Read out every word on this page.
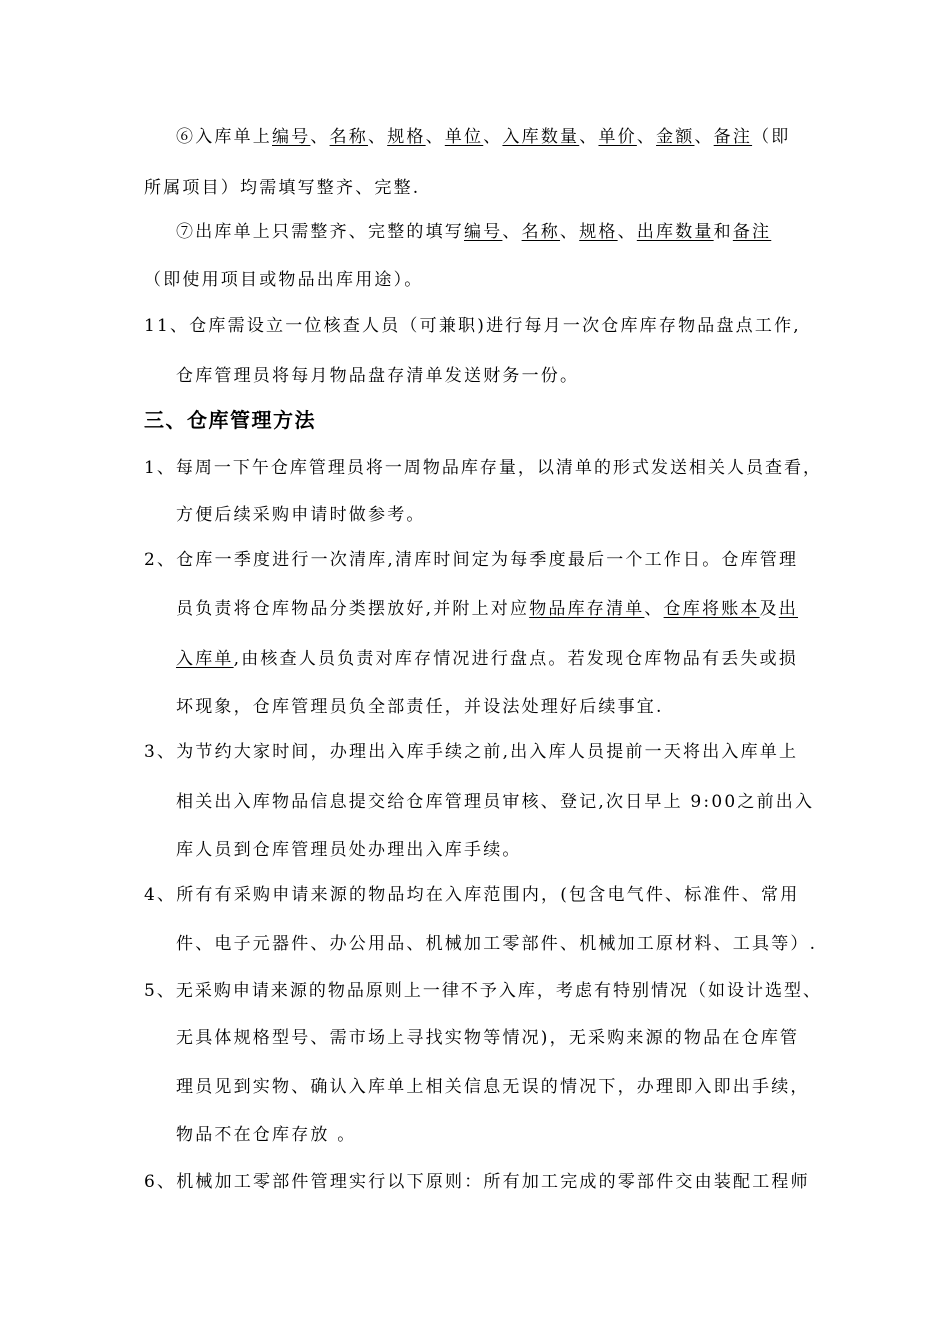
⑥入库单上编号、名称、规格、单位、入库数量、单价、金额、备注（即
所属项目）均需填写整齐、完整.
⑦出库单上只需整齐、完整的填写编号、名称、规格、出库数量和备注
（即使用项目或物品出库用途）。
11、仓库需设立一位核查人员（可兼职)进行每月一次仓库库存物品盘点工作,
仓库管理员将每月物品盘存清单发送财务一份。
三、仓库管理方法
1、每周一下午仓库管理员将一周物品库存量，以清单的形式发送相关人员查看，
方便后续采购申请时做参考。
2、仓库一季度进行一次清库,清库时间定为每季度最后一个工作日。仓库管理
员负责将仓库物品分类摆放好,并附上对应物品库存清单、仓库将账本及出
入库单,由核查人员负责对库存情况进行盘点。若发现仓库物品有丢失或损
坏现象，仓库管理员负全部责任，并设法处理好后续事宜.
3、为节约大家时间，办理出入库手续之前,出入库人员提前一天将出入库单上
相关出入库物品信息提交给仓库管理员审核、登记,次日早上 9:00之前出入
库人员到仓库管理员处办理出入库手续。
4、所有有采购申请来源的物品均在入库范围内，(包含电气件、标准件、常用
件、电子元器件、办公用品、机械加工零部件、机械加工原材料、工具等）.
5、无采购申请来源的物品原则上一律不予入库，考虑有特别情况（如设计选型、
无具体规格型号、需市场上寻找实物等情况)，无采购来源的物品在仓库管
理员见到实物、确认入库单上相关信息无误的情况下，办理即入即出手续，
物品不在仓库存放 。
6、机械加工零部件管理实行以下原则：所有加工完成的零部件交由装配工程师
